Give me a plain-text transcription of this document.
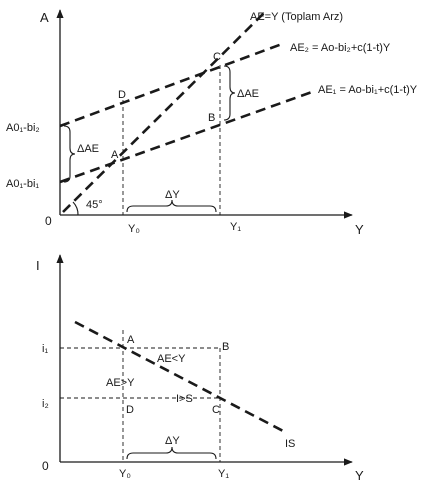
A
Y
0
45°
AE=Y (Toplam Arz)
AE₂ = Ao-bi₂+c(1-t)Y
AE₁ = Ao-bi₁+c(1-t)Y
A
B
C
D
A0₁-bi₂
A0₁-bi₁
ΔAE
ΔAE
ΔY
Y₀	Y₁
I
Y
0
IS
i₁
i₂
A
B
C
D
AE<Y
AE>Y
I>S
ΔY
Y₀	Y₁
